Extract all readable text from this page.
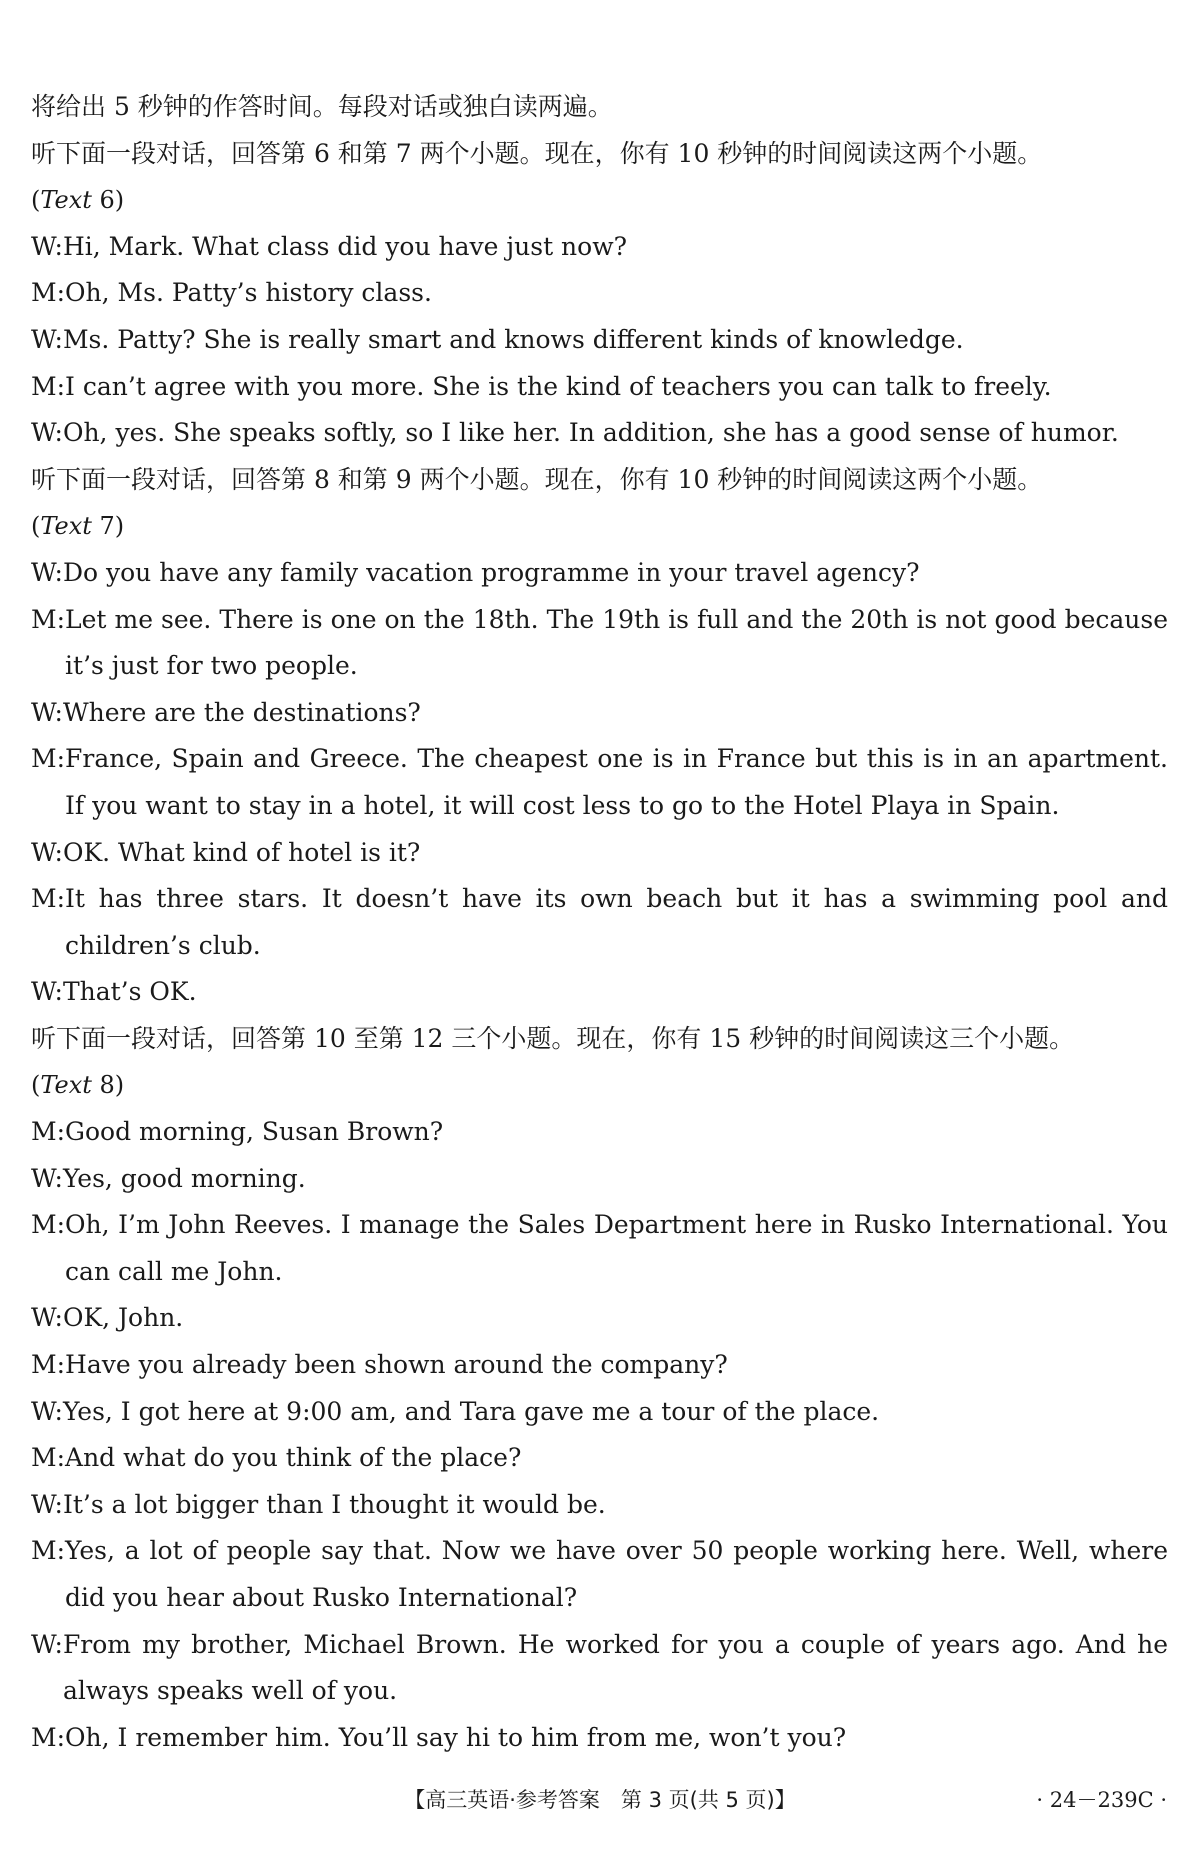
将给出 5 秒钟的作答时间。每段对话或独白读两遍。
听下面一段对话，回答第 6 和第 7 两个小题。现在，你有 10 秒钟的时间阅读这两个小题。
(Text 6)
W: Hi, Mark. What class did you have just now?
M: Oh, Ms. Patty’s history class.
W: Ms. Patty? She is really smart and knows different kinds of knowledge.
M: I can’t agree with you more. She is the kind of teachers you can talk to freely.
W: Oh, yes. She speaks softly, so I like her. In addition, she has a good sense of humor.
听下面一段对话，回答第 8 和第 9 两个小题。现在，你有 10 秒钟的时间阅读这两个小题。
(Text 7)
W: Do you have any family vacation programme in your travel agency?
M: Let me see. There is one on the 18th. The 19th is full and the 20th is not good because it’s just for two people.
W: Where are the destinations?
M: France, Spain and Greece. The cheapest one is in France but this is in an apartment. If you want to stay in a hotel, it will cost less to go to the Hotel Playa in Spain.
W: OK. What kind of hotel is it?
M: It has three stars. It doesn’t have its own beach but it has a swimming pool and children’s club.
W: That’s OK.
听下面一段对话，回答第 10 至第 12 三个小题。现在，你有 15 秒钟的时间阅读这三个小题。
(Text 8)
M: Good morning, Susan Brown?
W: Yes, good morning.
M: Oh, I’m John Reeves. I manage the Sales Department here in Rusko International. You can call me John.
W: OK, John.
M: Have you already been shown around the company?
W: Yes, I got here at 9:00 am, and Tara gave me a tour of the place.
M: And what do you think of the place?
W: It’s a lot bigger than I thought it would be.
M: Yes, a lot of people say that. Now we have over 50 people working here. Well, where did you hear about Rusko International?
W: From my brother, Michael Brown. He worked for you a couple of years ago. And he always speaks well of you.
M: Oh, I remember him. You’ll say hi to him from me, won’t you?
【高三英语·参考答案　第 3 页(共 5 页)】	· 24－239C ·
